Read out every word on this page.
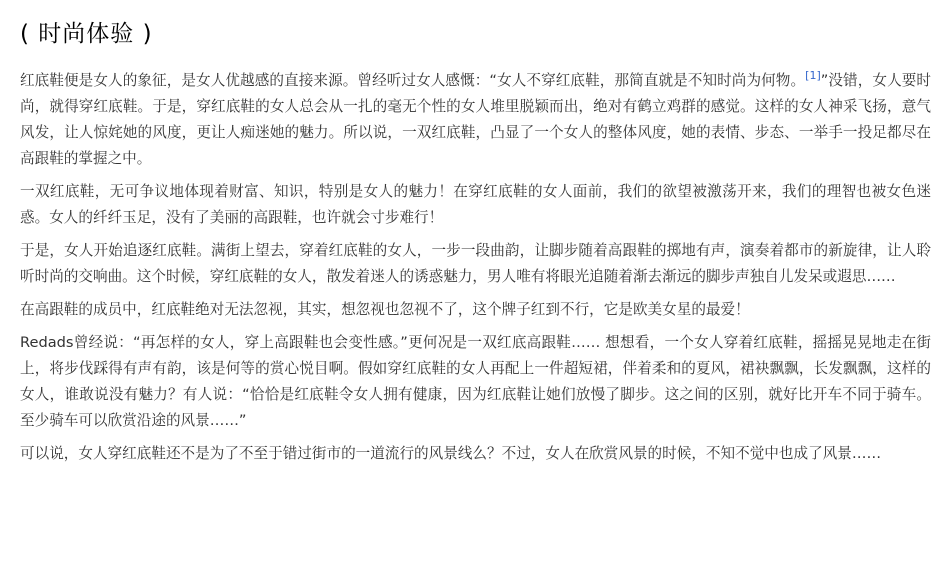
( 时尚体验 )

红底鞋便是女人的象征，是女人优越感的直接来源。曾经听过女人感慨：“女人不穿红底鞋，那简直就是不知时尚为何物。[1]”没错，女人要时尚，就得穿红底鞋。于是，穿红底鞋的女人总会从一扎的毫无个性的女人堆里脱颖而出，绝对有鹤立鸡群的感觉。这样的女人神采飞扬，意气风发，让人惊姹她的风度，更让人痴迷她的魅力。所以说，一双红底鞋，凸显了一个女人的整体风度，她的表情、步态、一举手一投足都尽在高跟鞋的掌握之中。

一双红底鞋，无可争议地体现着财富、知识，特别是女人的魅力！在穿红底鞋的女人面前，我们的欲望被激荡开来，我们的理智也被女色迷惑。女人的纤纤玉足，没有了美丽的高跟鞋，也许就会寸步难行！

于是，女人开始追逐红底鞋。满街上望去，穿着红底鞋的女人，一步一段曲韵，让脚步随着高跟鞋的掷地有声，演奏着都市的新旋律，让人聆听时尚的交响曲。这个时候，穿红底鞋的女人，散发着迷人的诱惑魅力，男人唯有将眼光追随着渐去渐远的脚步声独自儿发呆或遐思……

在高跟鞋的成员中，红底鞋绝对无法忽视，其实，想忽视也忽视不了，这个牌子红到不行，它是欧美女星的最爱！

Redads曾经说：“再怎样的女人，穿上高跟鞋也会变性感。”更何况是一双红底高跟鞋…… 想想看，一个女人穿着红底鞋，摇摇晃晃地走在街上，将步伐踩得有声有韵，该是何等的赏心悦目啊。假如穿红底鞋的女人再配上一件超短裙，伴着柔和的夏风，裙袂飘飘，长发飘飘，这样的女人，谁敢说没有魅力？有人说：“恰恰是红底鞋令女人拥有健康，因为红底鞋让她们放慢了脚步。这之间的区别，就好比开车不同于骑车。至少骑车可以欣赏沿途的风景……”

可以说，女人穿红底鞋还不是为了不至于错过街市的一道流行的风景线么？不过，女人在欣赏风景的时候，不知不觉中也成了风景……
